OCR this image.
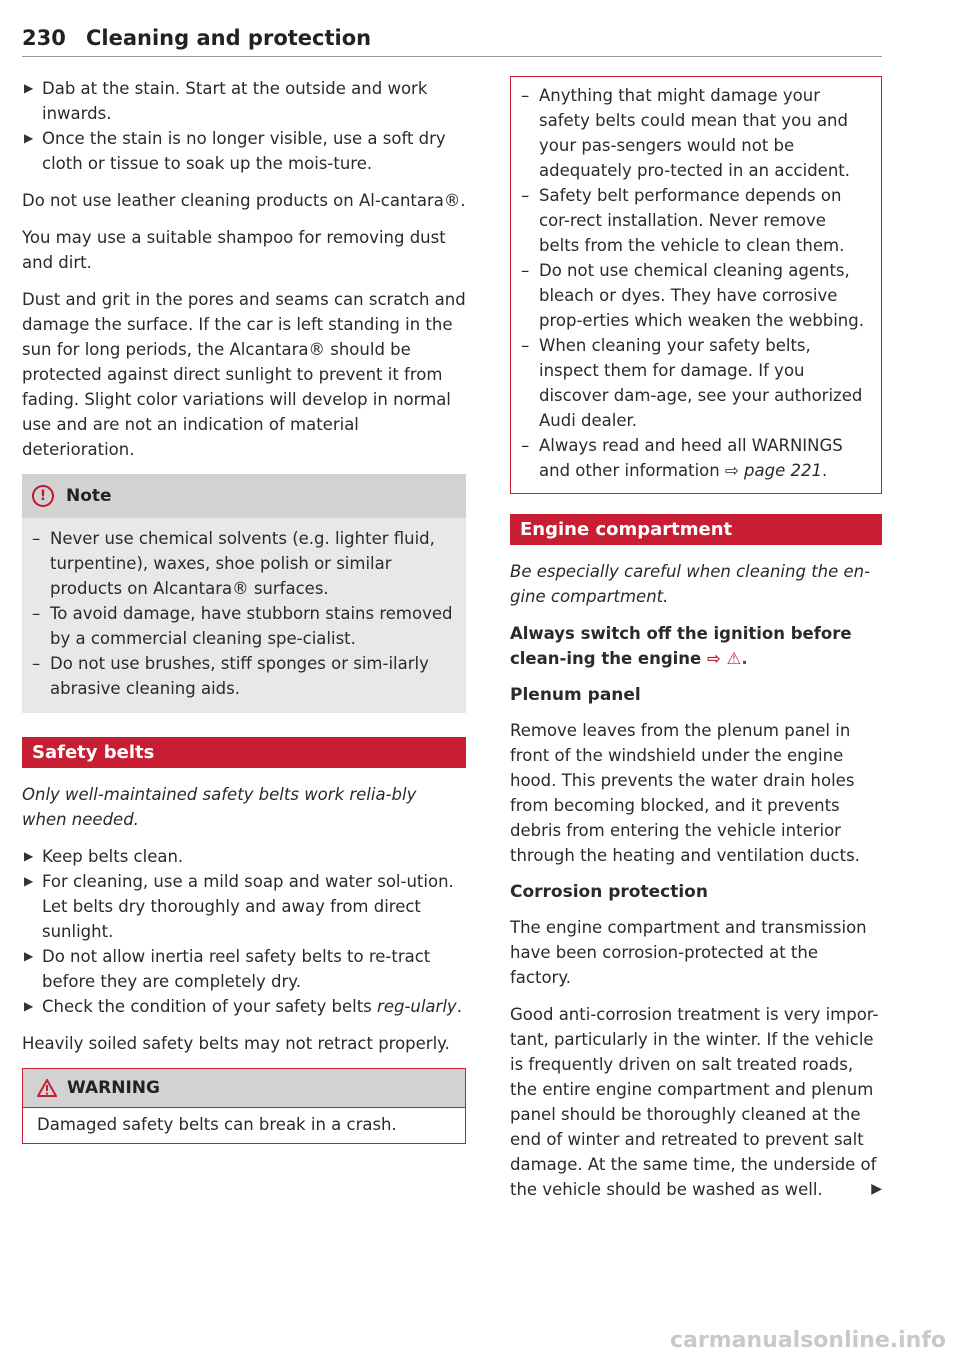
230 Cleaning and protection

▶ Dab at the stain. Start at the outside and work inwards.

▶ Once the stain is no longer visible, use a soft dry cloth or tissue to soak up the mois-ture.

Do not use leather cleaning products on Al-cantara®.

You may use a suitable shampoo for removing dust and dirt.

Dust and grit in the pores and seams can scratch and damage the surface. If the car is left standing in the sun for long periods, the Alcantara® should be protected against direct sunlight to prevent it from fading. Slight color variations will develop in normal use and are not an indication of material deterioration.

!	Note

– Never use chemical solvents (e.g. lighter fluid, turpentine), waxes, shoe polish or similar products on Alcantara® surfaces.

– To avoid damage, have stubborn stains removed by a commercial cleaning spe-cialist.

– Do not use brushes, stiff sponges or sim-ilarly abrasive cleaning aids.

Safety belts

Only well-maintained safety belts work relia-bly when needed.

▶ Keep belts clean.

▶ For cleaning, use a mild soap and water sol-ution. Let belts dry thoroughly and away from direct sunlight.

▶ Do not allow inertia reel safety belts to re-tract before they are completely dry.

▶ Check the condition of your safety belts reg-ularly.

Heavily soiled safety belts may not retract properly.

WARNING
Damaged safety belts can break in a crash.

– Anything that might damage your safety belts could mean that you and your pas-sengers would not be adequately pro-tected in an accident.

– Safety belt performance depends on cor-rect installation. Never remove belts from the vehicle to clean them.

– Do not use chemical cleaning agents, bleach or dyes. They have corrosive prop-erties which weaken the webbing.

– When cleaning your safety belts, inspect them for damage. If you discover dam-age, see your authorized Audi dealer.

– Always read and heed all WARNINGS and other information ⇨ page 221.

Engine compartment

Be especially careful when cleaning the en-gine compartment.

Always switch off the ignition before clean-ing the engine ⇨ ⚠.

Plenum panel

Remove leaves from the plenum panel in front of the windshield under the engine hood. This prevents the water drain holes from becoming blocked, and it prevents debris from entering the vehicle interior through the heating and ventilation ducts.

Corrosion protection

The engine compartment and transmission have been corrosion-protected at the factory.

Good anti-corrosion treatment is very impor-tant, particularly in the winter. If the vehicle is frequently driven on salt treated roads, the entire engine compartment and plenum panel should be thoroughly cleaned at the end of winter and retreated to prevent salt damage. At the same time, the underside of the vehicle should be washed as well.	▶

carmanualsonline.info
